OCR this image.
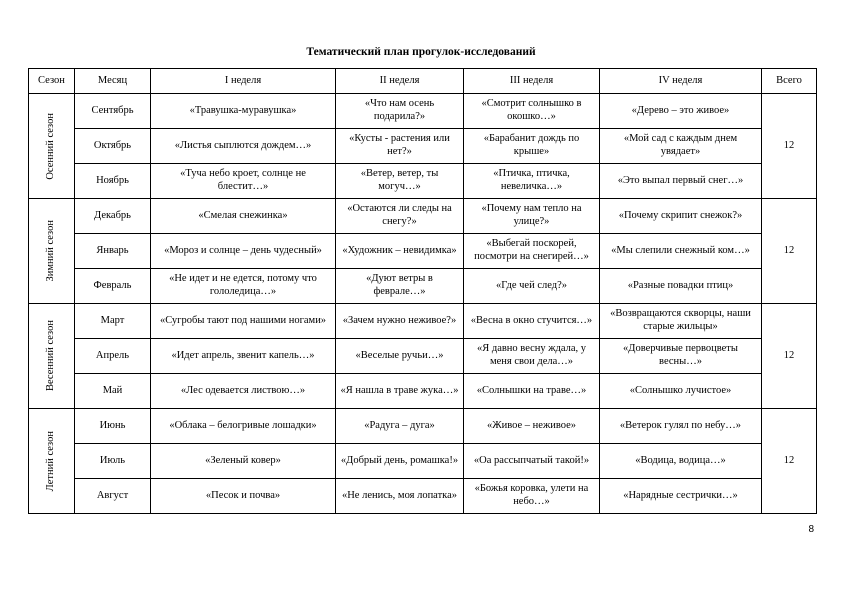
Тематический план прогулок-исследований
Сезон	Месяц	I неделя	II неделя	III неделя	IV неделя	Всего

Осенний сезон	Сентябрь	«Травушка-муравушка»	«Что нам осень подарила?»	«Смотрит солнышко в окошко…»	«Дерево – это живое»	12
	Октябрь	«Листья сыплются дождем…»	«Кусты - растения или нет?»	«Барабанит дождь по крыше»	«Мой сад с каждым днем увядает»	
	Ноябрь	«Туча небо кроет, солнце не блестит…»	«Ветер, ветер, ты могуч…»	«Птичка, птичка, невеличка…»	«Это выпал первый снег…»	

Зимний сезон	Декабрь	«Смелая снежинка»	«Остаются ли следы на снегу?»	«Почему нам тепло на улице?»	«Почему скрипит снежок?»	12
	Январь	«Мороз и солнце – день чудесный»	«Художник – невидимка»	«Выбегай поскорей, посмотри на снегирей…»	«Мы слепили снежный ком…»	
	Февраль	«Не идет и не едется, потому что гололедица…»	«Дуют ветры в феврале…»	«Где чей след?»	«Разные повадки птиц»	

Весенний сезон	Март	«Сугробы тают под нашими ногами»	«Зачем нужно неживое?»	«Весна в окно стучится…»	«Возвращаются скворцы, наши старые жильцы»	12
	Апрель	«Идет апрель, звенит капель…»	«Веселые ручьи…»	«Я давно весну ждала, у меня свои дела…»	«Доверчивые первоцветы весны…»	
	Май	«Лес одевается листвою…»	«Я нашла в траве жука…»	«Солнышки на траве…»	«Солнышко лучистое»	

Летний сезон	Июнь	«Облака – белогривые лошадки»	«Радуга – дуга»	«Живое – неживое»	«Ветерок гулял по небу…»	12
	Июль	«Зеленый ковер»	«Добрый день, ромашка!»	«Оа рассыпчатый такой!»	«Водица, водица…»	
	Август	«Песок и почва»	«Не ленись, моя лопатка»	«Божья коровка, улети на небо…»	«Нарядные сестрички…»	
8
